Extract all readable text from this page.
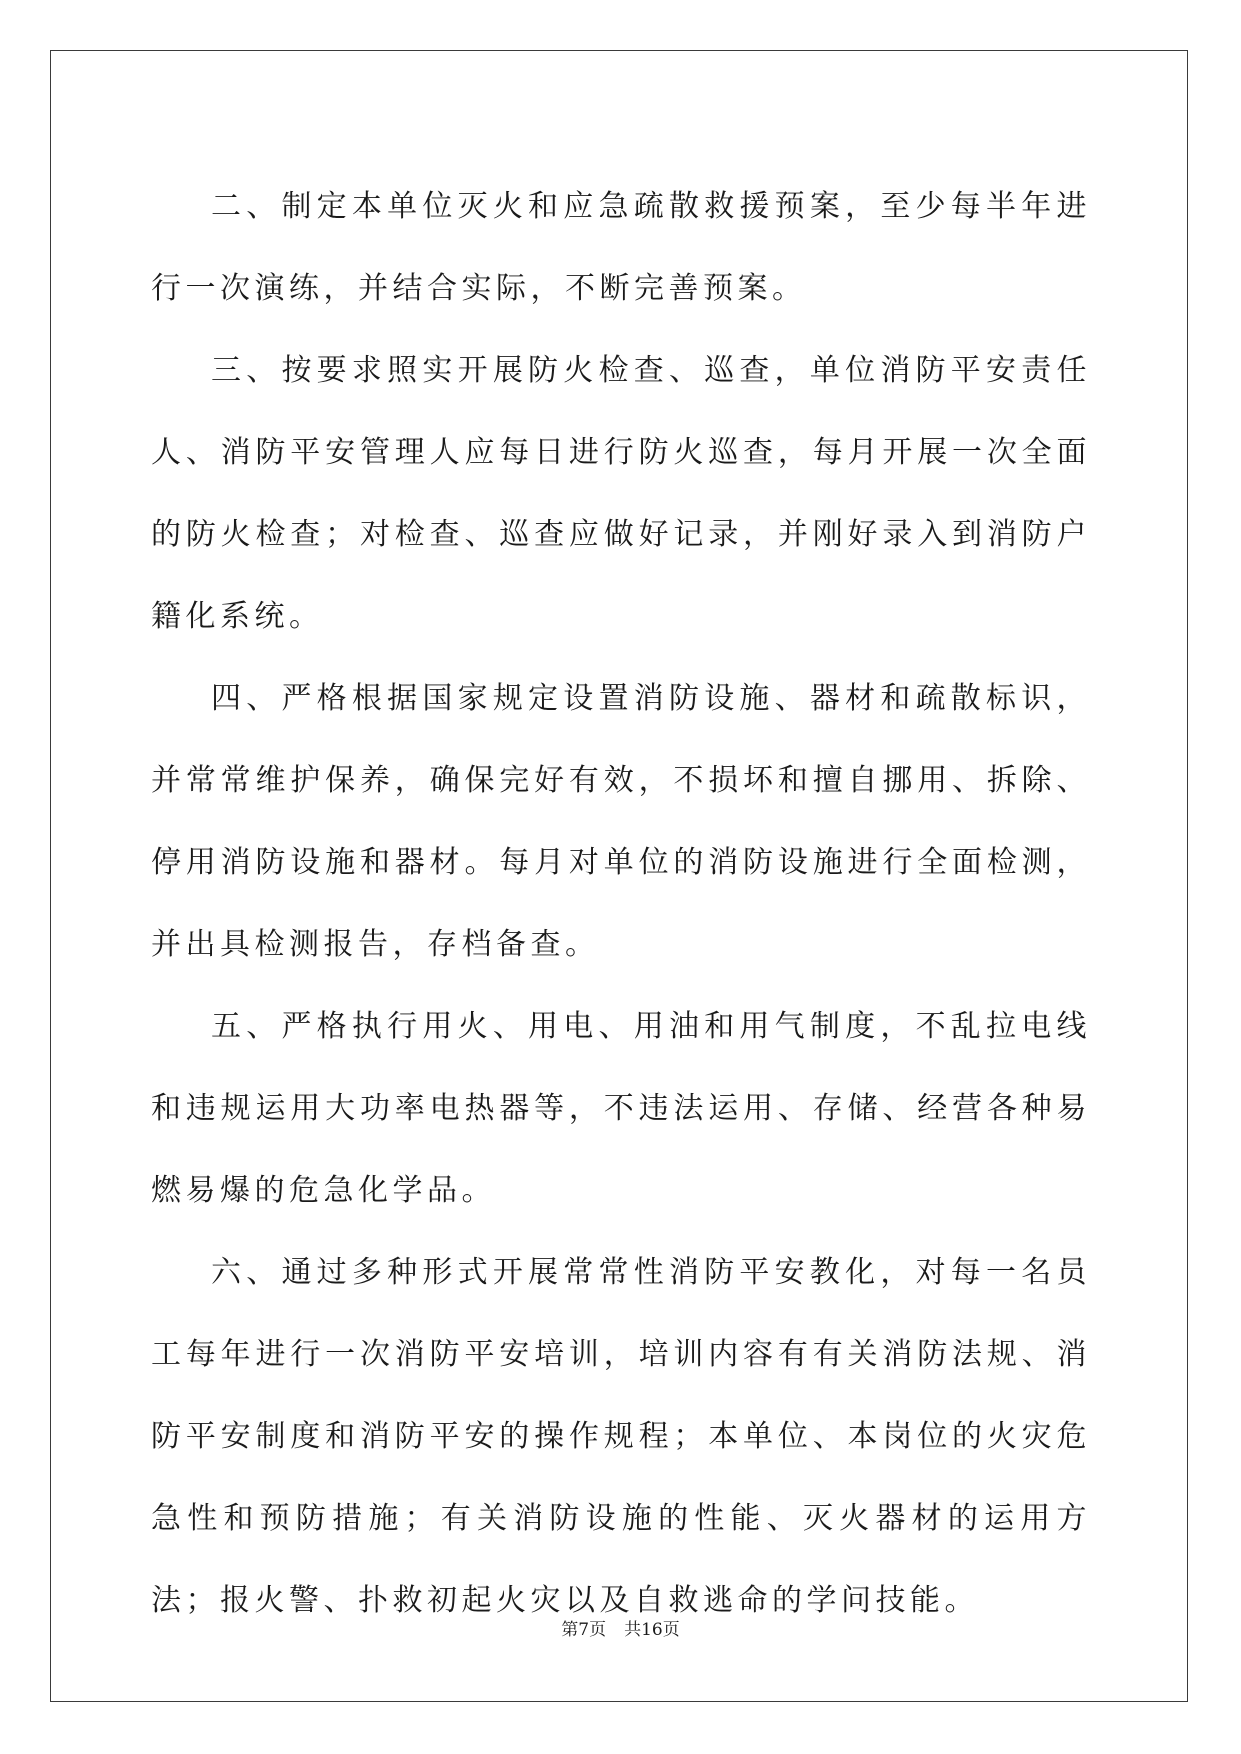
二、制定本单位灭火和应急疏散救援预案，至少每半年进行一次演练，并结合实际，不断完善预案。

三、按要求照实开展防火检查、巡查，单位消防平安责任人、消防平安管理人应每日进行防火巡查，每月开展一次全面的防火检查；对检查、巡查应做好记录，并刚好录入到消防户籍化系统。

四、严格根据国家规定设置消防设施、器材和疏散标识，并常常维护保养，确保完好有效，不损坏和擅自挪用、拆除、停用消防设施和器材。每月对单位的消防设施进行全面检测，并出具检测报告，存档备查。

五、严格执行用火、用电、用油和用气制度，不乱拉电线和违规运用大功率电热器等，不违法运用、存储、经营各种易燃易爆的危急化学品。

六、通过多种形式开展常常性消防平安教化，对每一名员工每年进行一次消防平安培训，培训内容有有关消防法规、消防平安制度和消防平安的操作规程；本单位、本岗位的火灾危急性和预防措施；有关消防设施的性能、灭火器材的运用方法；报火警、扑救初起火灾以及自救逃命的学问技能。

第7页 共16页
